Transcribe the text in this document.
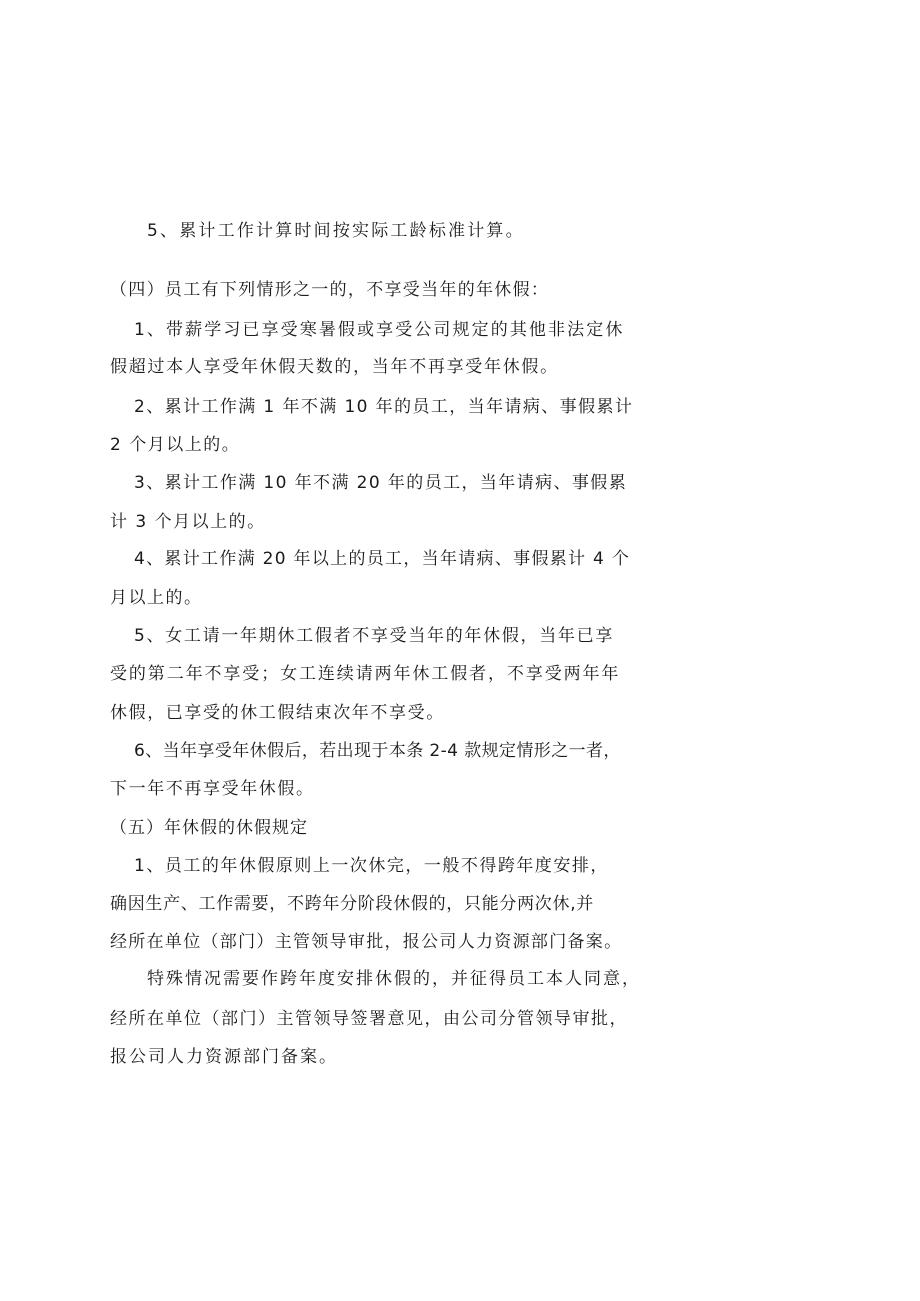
5、累计工作计算时间按实际工龄标准计算。
（四）员工有下列情形之一的，不享受当年的年休假：
1、带薪学习已享受寒暑假或享受公司规定的其他非法定休
假超过本人享受年休假天数的，当年不再享受年休假。
2、累计工作满 1 年不满 10 年的员工，当年请病、事假累计
2 个月以上的。
3、累计工作满 10 年不满 20 年的员工，当年请病、事假累
计 3 个月以上的。
4、累计工作满 20 年以上的员工，当年请病、事假累计 4 个
月以上的。
5、女工请一年期休工假者不享受当年的年休假，当年已享
受的第二年不享受；女工连续请两年休工假者，不享受两年年
休假，已享受的休工假结束次年不享受。
6、当年享受年休假后，若出现于本条 2-4 款规定情形之一者，
下一年不再享受年休假。
（五）年休假的休假规定
1、员工的年休假原则上一次休完，一般不得跨年度安排，
确因生产、工作需要，不跨年分阶段休假的，只能分两次休,并
经所在单位（部门）主管领导审批，报公司人力资源部门备案。
特殊情况需要作跨年度安排休假的，并征得员工本人同意，
经所在单位（部门）主管领导签署意见，由公司分管领导审批，
报公司人力资源部门备案。
